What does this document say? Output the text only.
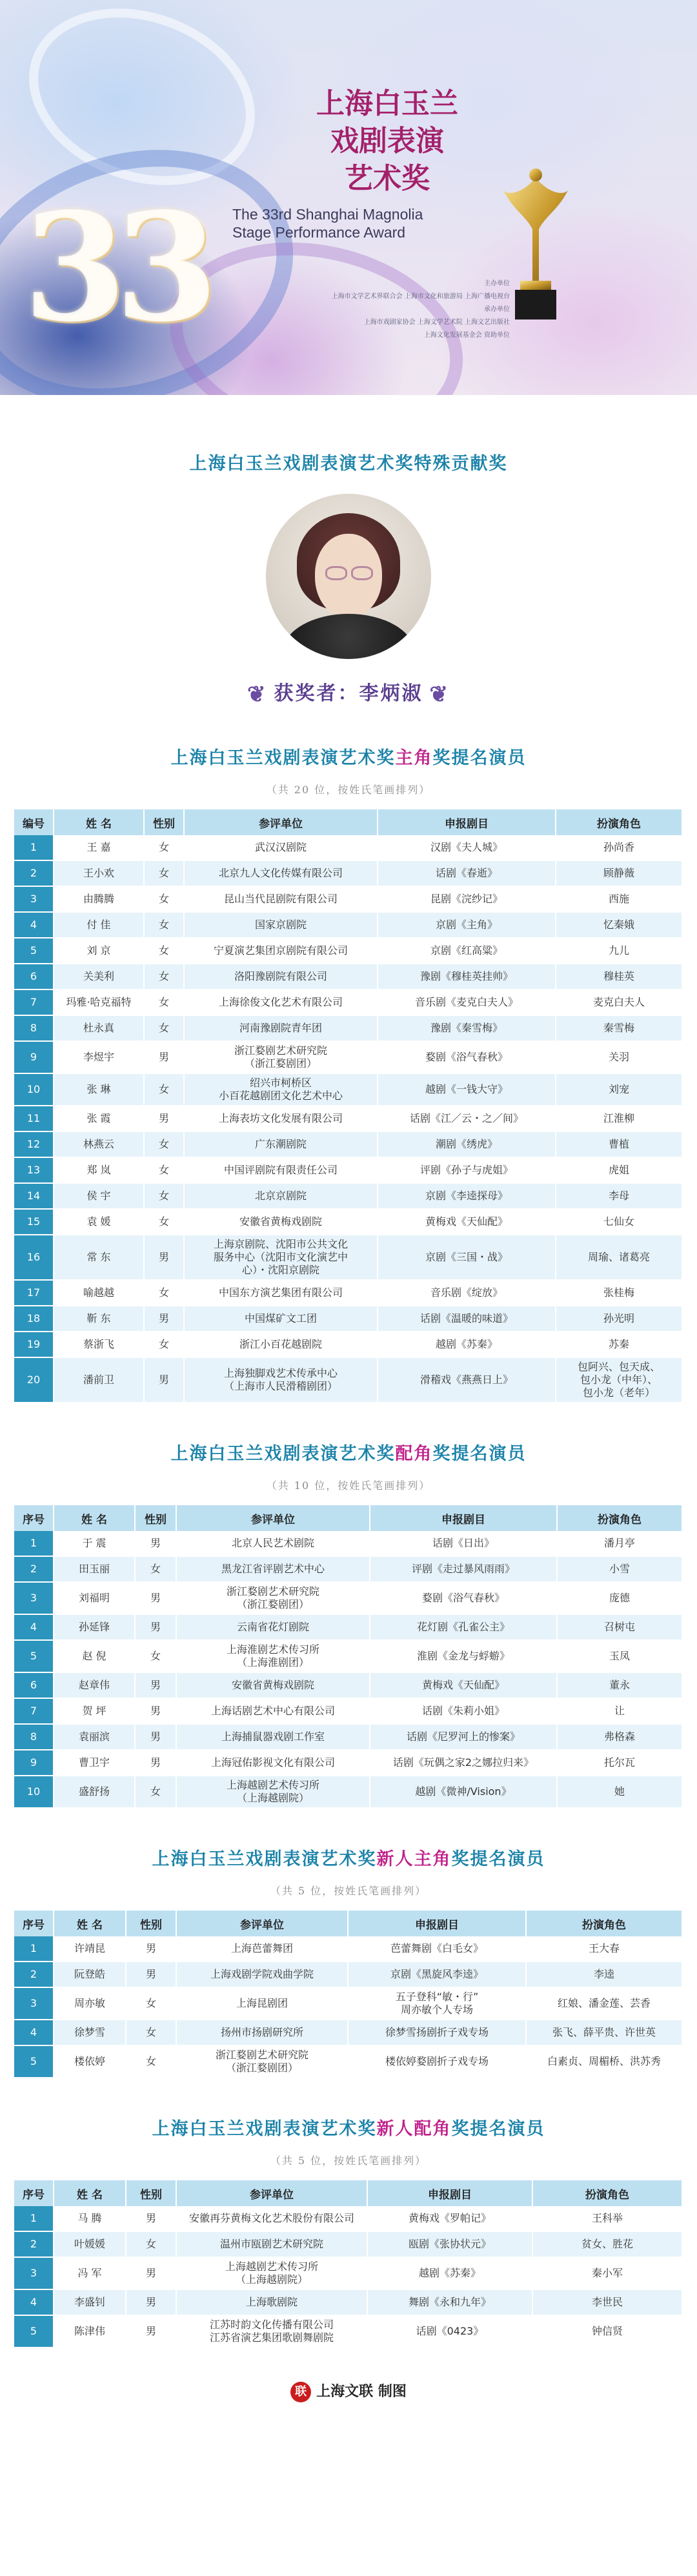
33
上海白玉兰
戏剧表演
艺术奖
The 33rd Shanghai Magnolia
Stage Performance Award
主办单位
上海市文学艺术界联合会 上海市文化和旅游局 上海广播电视台
承办单位
上海市戏剧家协会 上海文学艺术院 上海文艺出版社
上海文化发展基金会 资助单位
上海白玉兰戏剧表演艺术奖特殊贡献奖
❦ 获奖者：李炳淑 ❦
上海白玉兰戏剧表演艺术奖主角奖提名演员
（共 20 位，按姓氏笔画排列）
编号	姓 名	性别	参评单位	申报剧目	扮演角色
1	王 嘉	女	武汉汉剧院	汉剧《夫人城》	孙尚香
2	王小欢	女	北京九人文化传媒有限公司	话剧《春逝》	顾静薇
3	由腾腾	女	昆山当代昆剧院有限公司	昆剧《浣纱记》	西施
4	付 佳	女	国家京剧院	京剧《主角》	忆秦娥
5	刘 京	女	宁夏演艺集团京剧院有限公司	京剧《红高粱》	九儿
6	关美利	女	洛阳豫剧院有限公司	豫剧《穆桂英挂帅》	穆桂英
7	玛雅·哈克福特	女	上海徐俊文化艺术有限公司	音乐剧《麦克白夫人》	麦克白夫人
8	杜永真	女	河南豫剧院青年团	豫剧《秦雪梅》	秦雪梅
9	李煜宇	男	浙江婺剧艺术研究院
（浙江婺剧团）	婺剧《浴气春秋》	关羽
10	张 琳	女	绍兴市柯桥区
小百花越剧团文化艺术中心	越剧《一钱大守》	刘宠
11	张 霞	男	上海表坊文化发展有限公司	话剧《江／云・之／间》	江淮柳
12	林燕云	女	广东潮剧院	潮剧《绣虎》	曹植
13	郑 岚	女	中国评剧院有限责任公司	评剧《孙子与虎姐》	虎姐
14	侯 宇	女	北京京剧院	京剧《李逵探母》	李母
15	袁 媛	女	安徽省黄梅戏剧院	黄梅戏《天仙配》	七仙女
16	常 东	男	上海京剧院、沈阳市公共文化
服务中心（沈阳市文化演艺中
心）・沈阳京剧院	京剧《三国・战》	周瑜、诸葛亮
17	喻越越	女	中国东方演艺集团有限公司	音乐剧《绽放》	张桂梅
18	靳 东	男	中国煤矿文工团	话剧《温暖的味道》	孙光明
19	蔡浙飞	女	浙江小百花越剧院	越剧《苏秦》	苏秦
20	潘前卫	男	上海独脚戏艺术传承中心
（上海市人民滑稽剧团）	滑稽戏《燕燕日上》	包阿兴、包天成、
包小龙（中年）、
包小龙（老年）
上海白玉兰戏剧表演艺术奖配角奖提名演员
（共 10 位，按姓氏笔画排列）
序号	姓 名	性别	参评单位	申报剧目	扮演角色
1	于 震	男	北京人民艺术剧院	话剧《日出》	潘月亭
2	田玉丽	女	黑龙江省评剧艺术中心	评剧《走过暴风雨雨》	小雪
3	刘福明	男	浙江婺剧艺术研究院
（浙江婺剧团）	婺剧《浴气春秋》	庞德
4	孙延锋	男	云南省花灯剧院	花灯剧《孔雀公主》	召树屯
5	赵 倪	女	上海淮剧艺术传习所
（上海淮剧团）	淮剧《金龙与蜉蝣》	玉凤
6	赵章伟	男	安徽省黄梅戏剧院	黄梅戏《天仙配》	董永
7	贺 坪	男	上海话剧艺术中心有限公司	话剧《朱莉小姐》	让
8	袁丽滨	男	上海捕鼠器戏剧工作室	话剧《尼罗河上的惨案》	弗格森
9	曹卫宇	男	上海冠佑影视文化有限公司	话剧《玩偶之家2之娜拉归来》	托尔瓦
10	盛舒扬	女	上海越剧艺术传习所
（上海越剧院）	越剧《微神/Vision》	她
上海白玉兰戏剧表演艺术奖新人主角奖提名演员
（共 5 位，按姓氏笔画排列）
序号	姓 名	性别	参评单位	申报剧目	扮演角色
1	许靖昆	男	上海芭蕾舞团	芭蕾舞剧《白毛女》	王大春
2	阮登皓	男	上海戏剧学院戏曲学院	京剧《黑旋风李逵》	李逵
3	周亦敏	女	上海昆剧团	五子登科“敏・行”
周亦敏个人专场	红娘、潘金莲、芸香
4	徐梦雪	女	扬州市扬剧研究所	徐梦雪扬剧折子戏专场	张飞、薛平贵、许世英
5	楼依婷	女	浙江婺剧艺术研究院
（浙江婺剧团）	楼依婷婺剧折子戏专场	白素贞、周楣桥、洪苏秀
上海白玉兰戏剧表演艺术奖新人配角奖提名演员
（共 5 位，按姓氏笔画排列）
序号	姓 名	性别	参评单位	申报剧目	扮演角色
1	马 腾	男	安徽再芬黄梅文化艺术股份有限公司	黄梅戏《罗帕记》	王科举
2	叶媛媛	女	温州市瓯剧艺术研究院	瓯剧《张协状元》	贫女、胜花
3	冯 军	男	上海越剧艺术传习所
（上海越剧院）	越剧《苏秦》	秦小军
4	李盛钊	男	上海歌剧院	舞剧《永和九年》	李世民
5	陈津伟	男	江苏时韵文化传播有限公司
江苏省演艺集团歌剧舞剧院	话剧《0423》	钟信贤
联 上海文联 制图
